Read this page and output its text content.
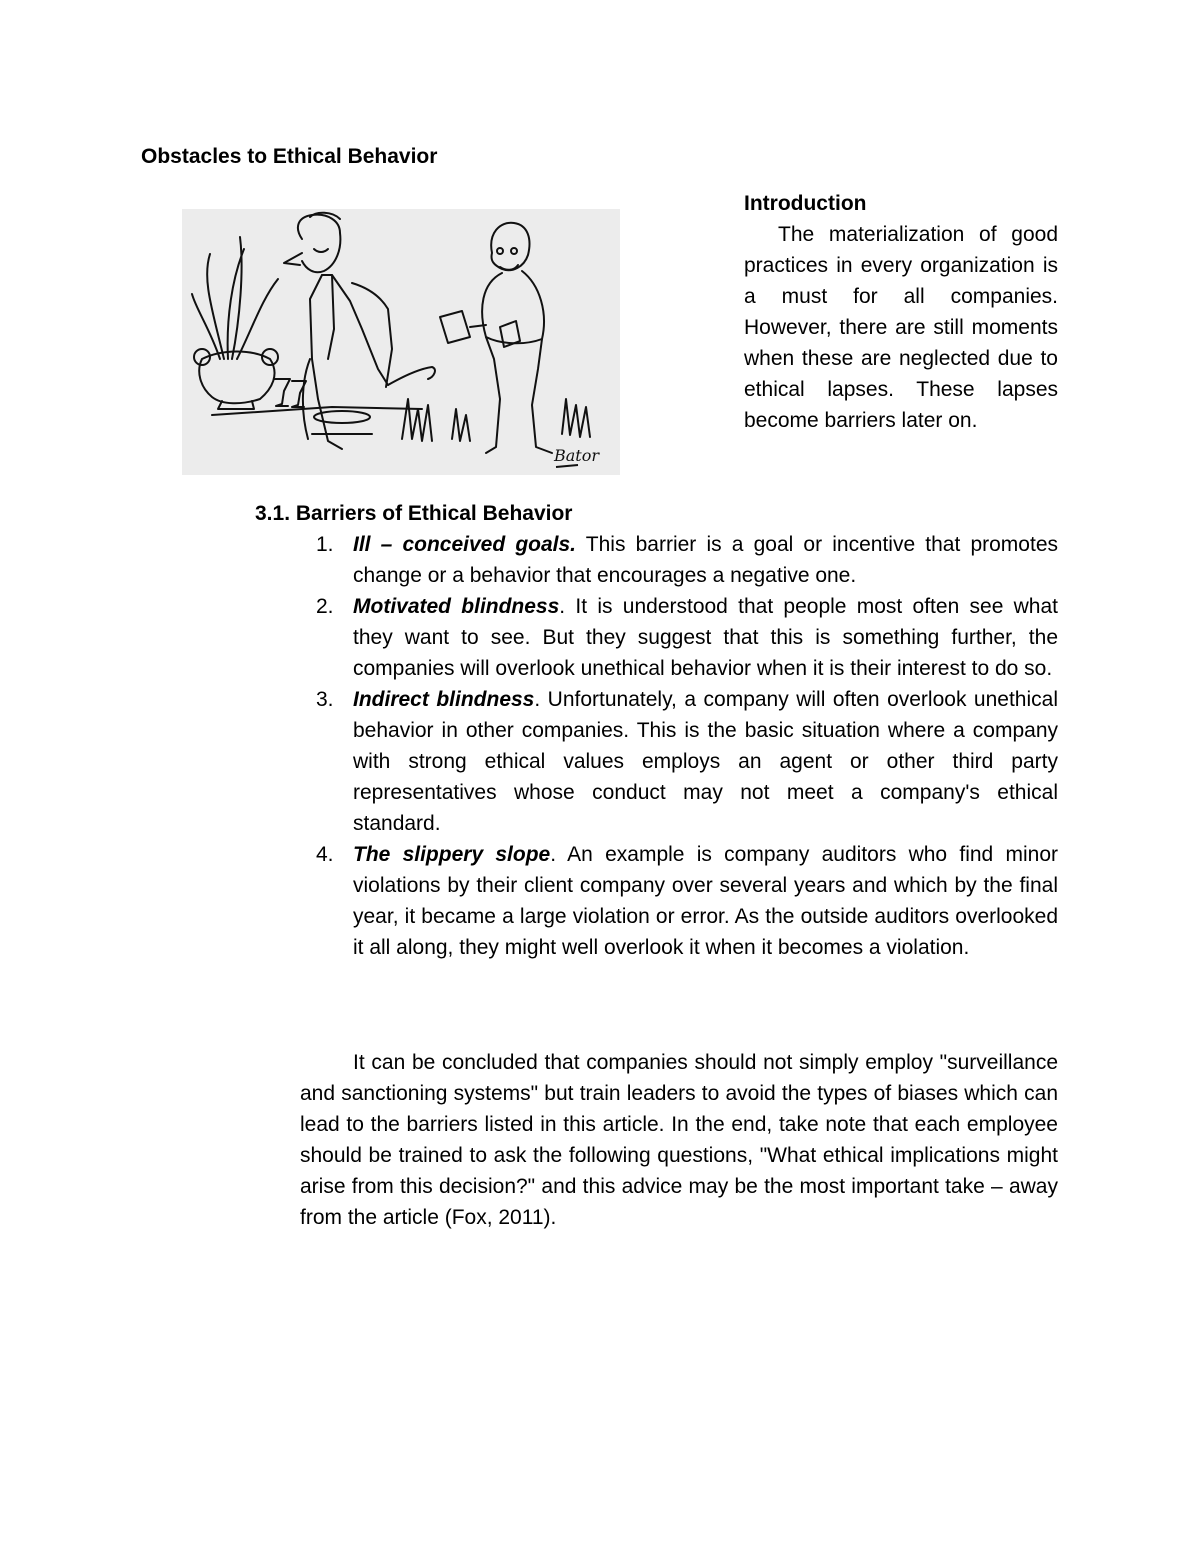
Obstacles to Ethical Behavior
Bator
Introduction

The materialization of good practices in every organization is a must for all companies. However, there are still moments when these are neglected due to ethical lapses. These lapses become barriers later on.

3.1. Barriers of Ethical Behavior

1. Ill – conceived goals. This barrier is a goal or incentive that promotes change or a behavior that encourages a negative one.
2. Motivated blindness. It is understood that people most often see what they want to see. But they suggest that this is something further, the companies will overlook unethical behavior when it is their interest to do so.
3. Indirect blindness. Unfortunately, a company will often overlook unethical behavior in other companies. This is the basic situation where a company with strong ethical values employs an agent or other third party representatives whose conduct may not meet a company's ethical standard.
4. The slippery slope. An example is company auditors who find minor violations by their client company over several years and which by the final year, it became a large violation or error. As the outside auditors overlooked it all along, they might well overlook it when it becomes a violation.

It can be concluded that companies should not simply employ "surveillance and sanctioning systems" but train leaders to avoid the types of biases which can lead to the barriers listed in this article. In the end, take note that each employee should be trained to ask the following questions, "What ethical implications might arise from this decision?" and this advice may be the most important take – away from the article (Fox, 2011).
